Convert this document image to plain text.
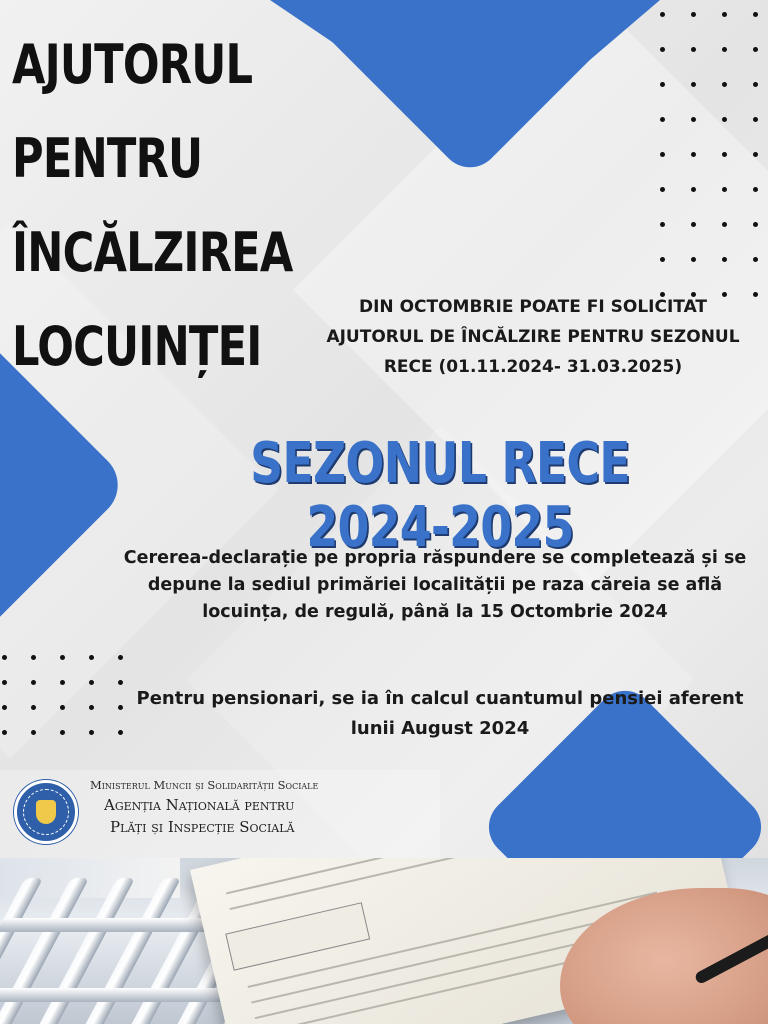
AJUTORUL
PENTRU
ÎNCĂLZIREA
LOCUINȚEI
DIN OCTOMBRIE POATE FI SOLICITAT AJUTORUL DE ÎNCĂLZIRE PENTRU SEZONUL RECE (01.11.2024- 31.03.2025)
SEZONUL RECE 2024-2025
Cererea-declarație pe propria răspundere se completează și se depune la sediul primăriei localității pe raza căreia se află locuința, de regulă, până la 15 Octombrie 2024
Pentru pensionari, se ia în calcul cuantumul pensiei aferent lunii August 2024
Ministerul Muncii și Solidarității Sociale
Agenția Națională pentru
Plăți și Inspecție Socială
